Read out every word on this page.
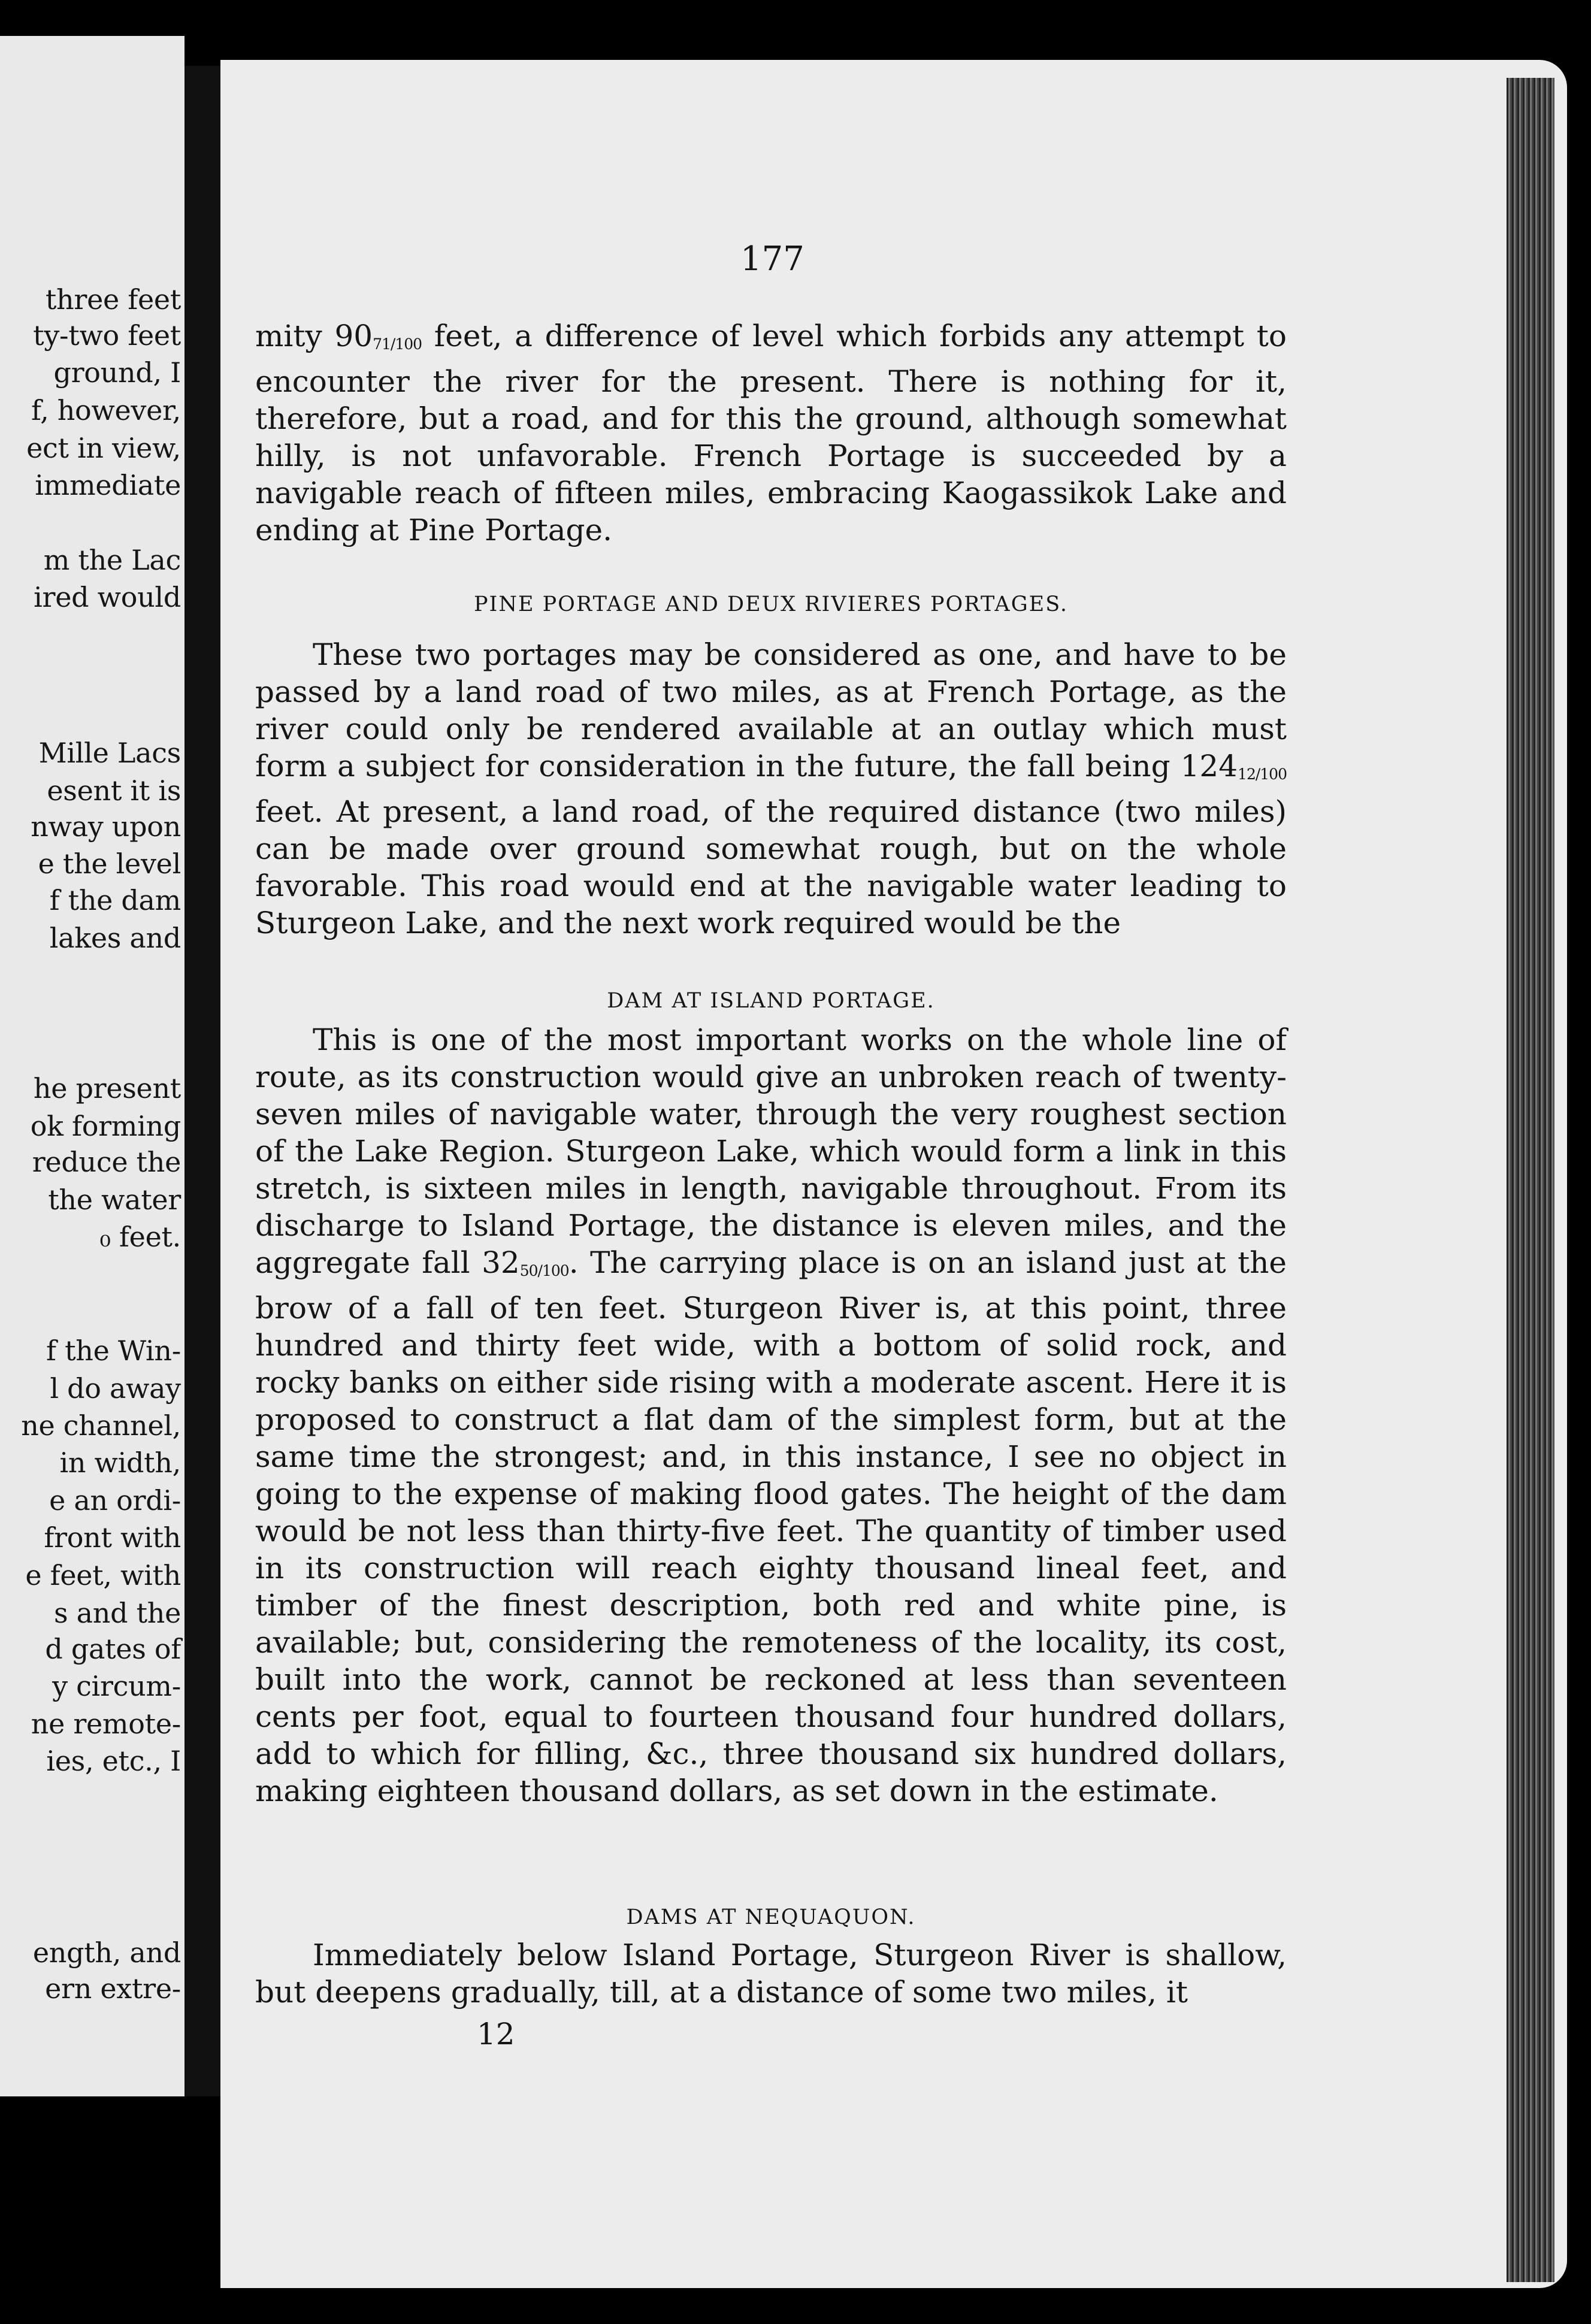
three feet
ty-two feet
ground, I
f, however,
ect in view,
immediate
m the Lac
ired would
Mille Lacs
esent it is
nway upon
e the level
f the dam
lakes and
he present
ok forming
reduce the
the water
₀ feet.
f the Win-
l do away
ne channel,
in width,
e an ordi-
front with
e feet, with
s and the
d gates of
y circum-
ne remote-
ies, etc., I
ength, and
ern extre-
177

mity 9071/100 feet, a difference of level which forbids any attempt to encounter the river for the present. There is nothing for it, therefore, but a road, and for this the ground, although somewhat hilly, is not unfavorable. French Portage is succeeded by a navigable reach of fifteen miles, embracing Kaogassikok Lake and ending at Pine Portage.

PINE PORTAGE AND DEUX RIVIERES PORTAGES.

These two portages may be considered as one, and have to be passed by a land road of two miles, as at French Portage, as the river could only be rendered available at an outlay which must form a subject for consideration in the future, the fall being 12412/100 feet. At present, a land road, of the required distance (two miles) can be made over ground somewhat rough, but on the whole favorable. This road would end at the navigable water leading to Sturgeon Lake, and the next work required would be the

DAM AT ISLAND PORTAGE.

This is one of the most important works on the whole line of route, as its construction would give an unbroken reach of twenty-seven miles of navigable water, through the very roughest section of the Lake Region. Sturgeon Lake, which would form a link in this stretch, is sixteen miles in length, navigable throughout. From its discharge to Island Portage, the distance is eleven miles, and the aggregate fall 3250/100. The carrying place is on an island just at the brow of a fall of ten feet. Sturgeon River is, at this point, three hundred and thirty feet wide, with a bottom of solid rock, and rocky banks on either side rising with a moderate ascent. Here it is proposed to construct a flat dam of the simplest form, but at the same time the strongest; and, in this instance, I see no object in going to the expense of making flood gates. The height of the dam would be not less than thirty-five feet. The quantity of timber used in its construction will reach eighty thousand lineal feet, and timber of the finest description, both red and white pine, is available; but, considering the remoteness of the locality, its cost, built into the work, cannot be reckoned at less than seventeen cents per foot, equal to fourteen thousand four hundred dollars, add to which for filling, &c., three thousand six hundred dollars, making eighteen thousand dollars, as set down in the estimate.

DAMS AT NEQUAQUON.

Immediately below Island Portage, Sturgeon River is shallow, but deepens gradually, till, at a distance of some two miles, it

12
